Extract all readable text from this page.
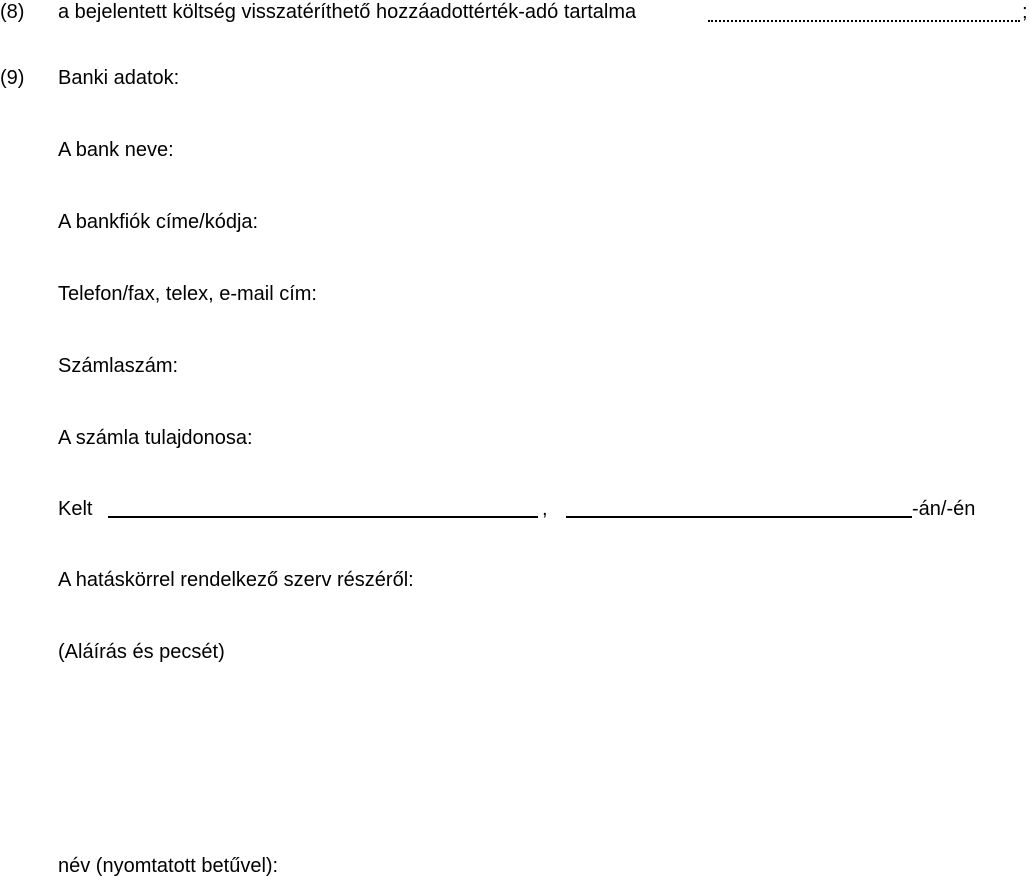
(8) a bejelentett költség visszatéríthető hozzáadottérték-adó tartalma	;
(9) Banki adatok:
A bank neve:
A bankfiók címe/kódja:
Telefon/fax, telex, e-mail cím:
Számlaszám:
A számla tulajdonosa:
Kelt	,	-án/-én
A hatáskörrel rendelkező szerv részéről:
(Aláírás és pecsét)
név (nyomtatott betűvel):
